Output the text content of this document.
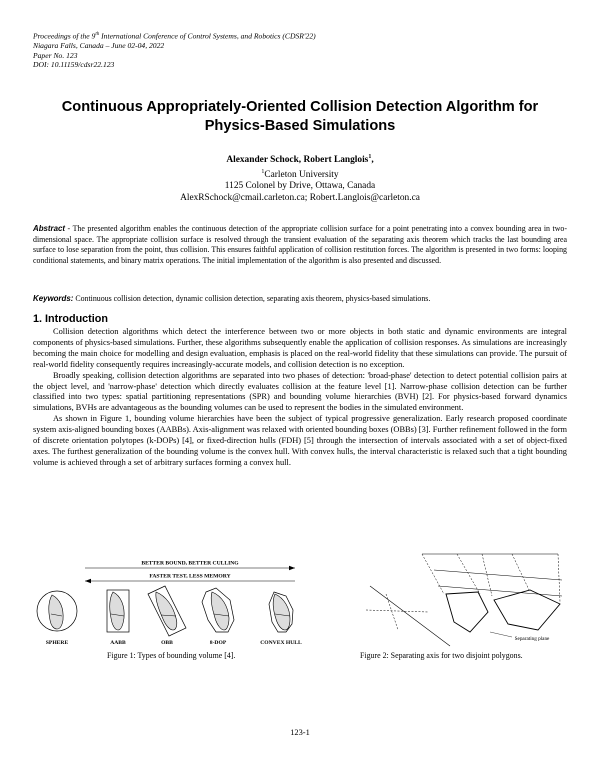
Proceedings of the 9th International Conference of Control Systems, and Robotics (CDSR'22)
Niagara Falls, Canada – June 02-04, 2022
Paper No. 123
DOI: 10.11159/cdsr22.123
Continuous Appropriately-Oriented Collision Detection Algorithm for
Physics-Based Simulations
Alexander Schock, Robert Langlois$^1$,
$^1$Carleton University
1125 Colonel by Drive, Ottawa, Canada
AlexRSchock@cmail.carleton.ca; Robert.Langlois@carleton.ca
Abstract - The presented algorithm enables the continuous detection of the appropriate collision surface for a point penetrating into a convex bounding area in two-dimensional space. The appropriate collision surface is resolved through the transient evaluation of the separating axis theorem which tracks the last bounding area surface to lose separation from the point, thus collision. This ensures faithful application of collision restitution forces. The algorithm is presented in two forms: looping conditional statements, and binary matrix operations. The initial implementation of the algorithm is also presented and discussed.
Keywords: Continuous collision detection, dynamic collision detection, separating axis theorem, physics-based simulations.
1. Introduction

Collision detection algorithms which detect the interference between two or more objects in both static and dynamic environments are integral components of physics-based simulations. Further, these algorithms subsequently enable the application of collision responses. As simulations are increasingly becoming the main choice for modelling and design evaluation, emphasis is placed on the real-world fidelity that these simulations can provide. The pursuit of real-world fidelity consequently requires increasingly-accurate models, and collision detection is no exception.

Broadly speaking, collision detection algorithms are separated into two phases of detection: 'broad-phase' detection to detect potential collision pairs at the object level, and 'narrow-phase' detection which directly evaluates collision at the feature level [1]. Narrow-phase collision detection can be further classified into two types: spatial partitioning representations (SPR) and bounding volume hierarchies (BVH) [2]. For physics-based forward dynamics simulations, BVHs are advantageous as the bounding volumes can be used to represent the bodies in the simulated environment.

As shown in Figure 1, bounding volume hierarchies have been the subject of typical progressive generalization. Early research proposed coordinate system axis-aligned bounding boxes (AABBs). Axis-alignment was relaxed with oriented bounding boxes (OBBs) [3]. Further refinement followed in the form of discrete orientation polytopes (k-DOPs) [4], or fixed-direction hulls (FDH) [5] through the intersection of intervals associated with a set of object-fixed axes. The furthest generalization of the bounding volume is the convex hull. With convex hulls, the interval characteristic is relaxed such that a tight bounding volume is achieved through a set of arbitrary surfaces forming a convex hull.

BETTER BOUND, BETTER CULLING
FASTER TEST, LESS MEMORY
SPHERE	AABB	OBB	8-DOP	CONVEX HULL
Separating plane
Figure 1: Types of bounding volume [4].	Figure 2: Separating axis for two disjoint polygons.
123-1
